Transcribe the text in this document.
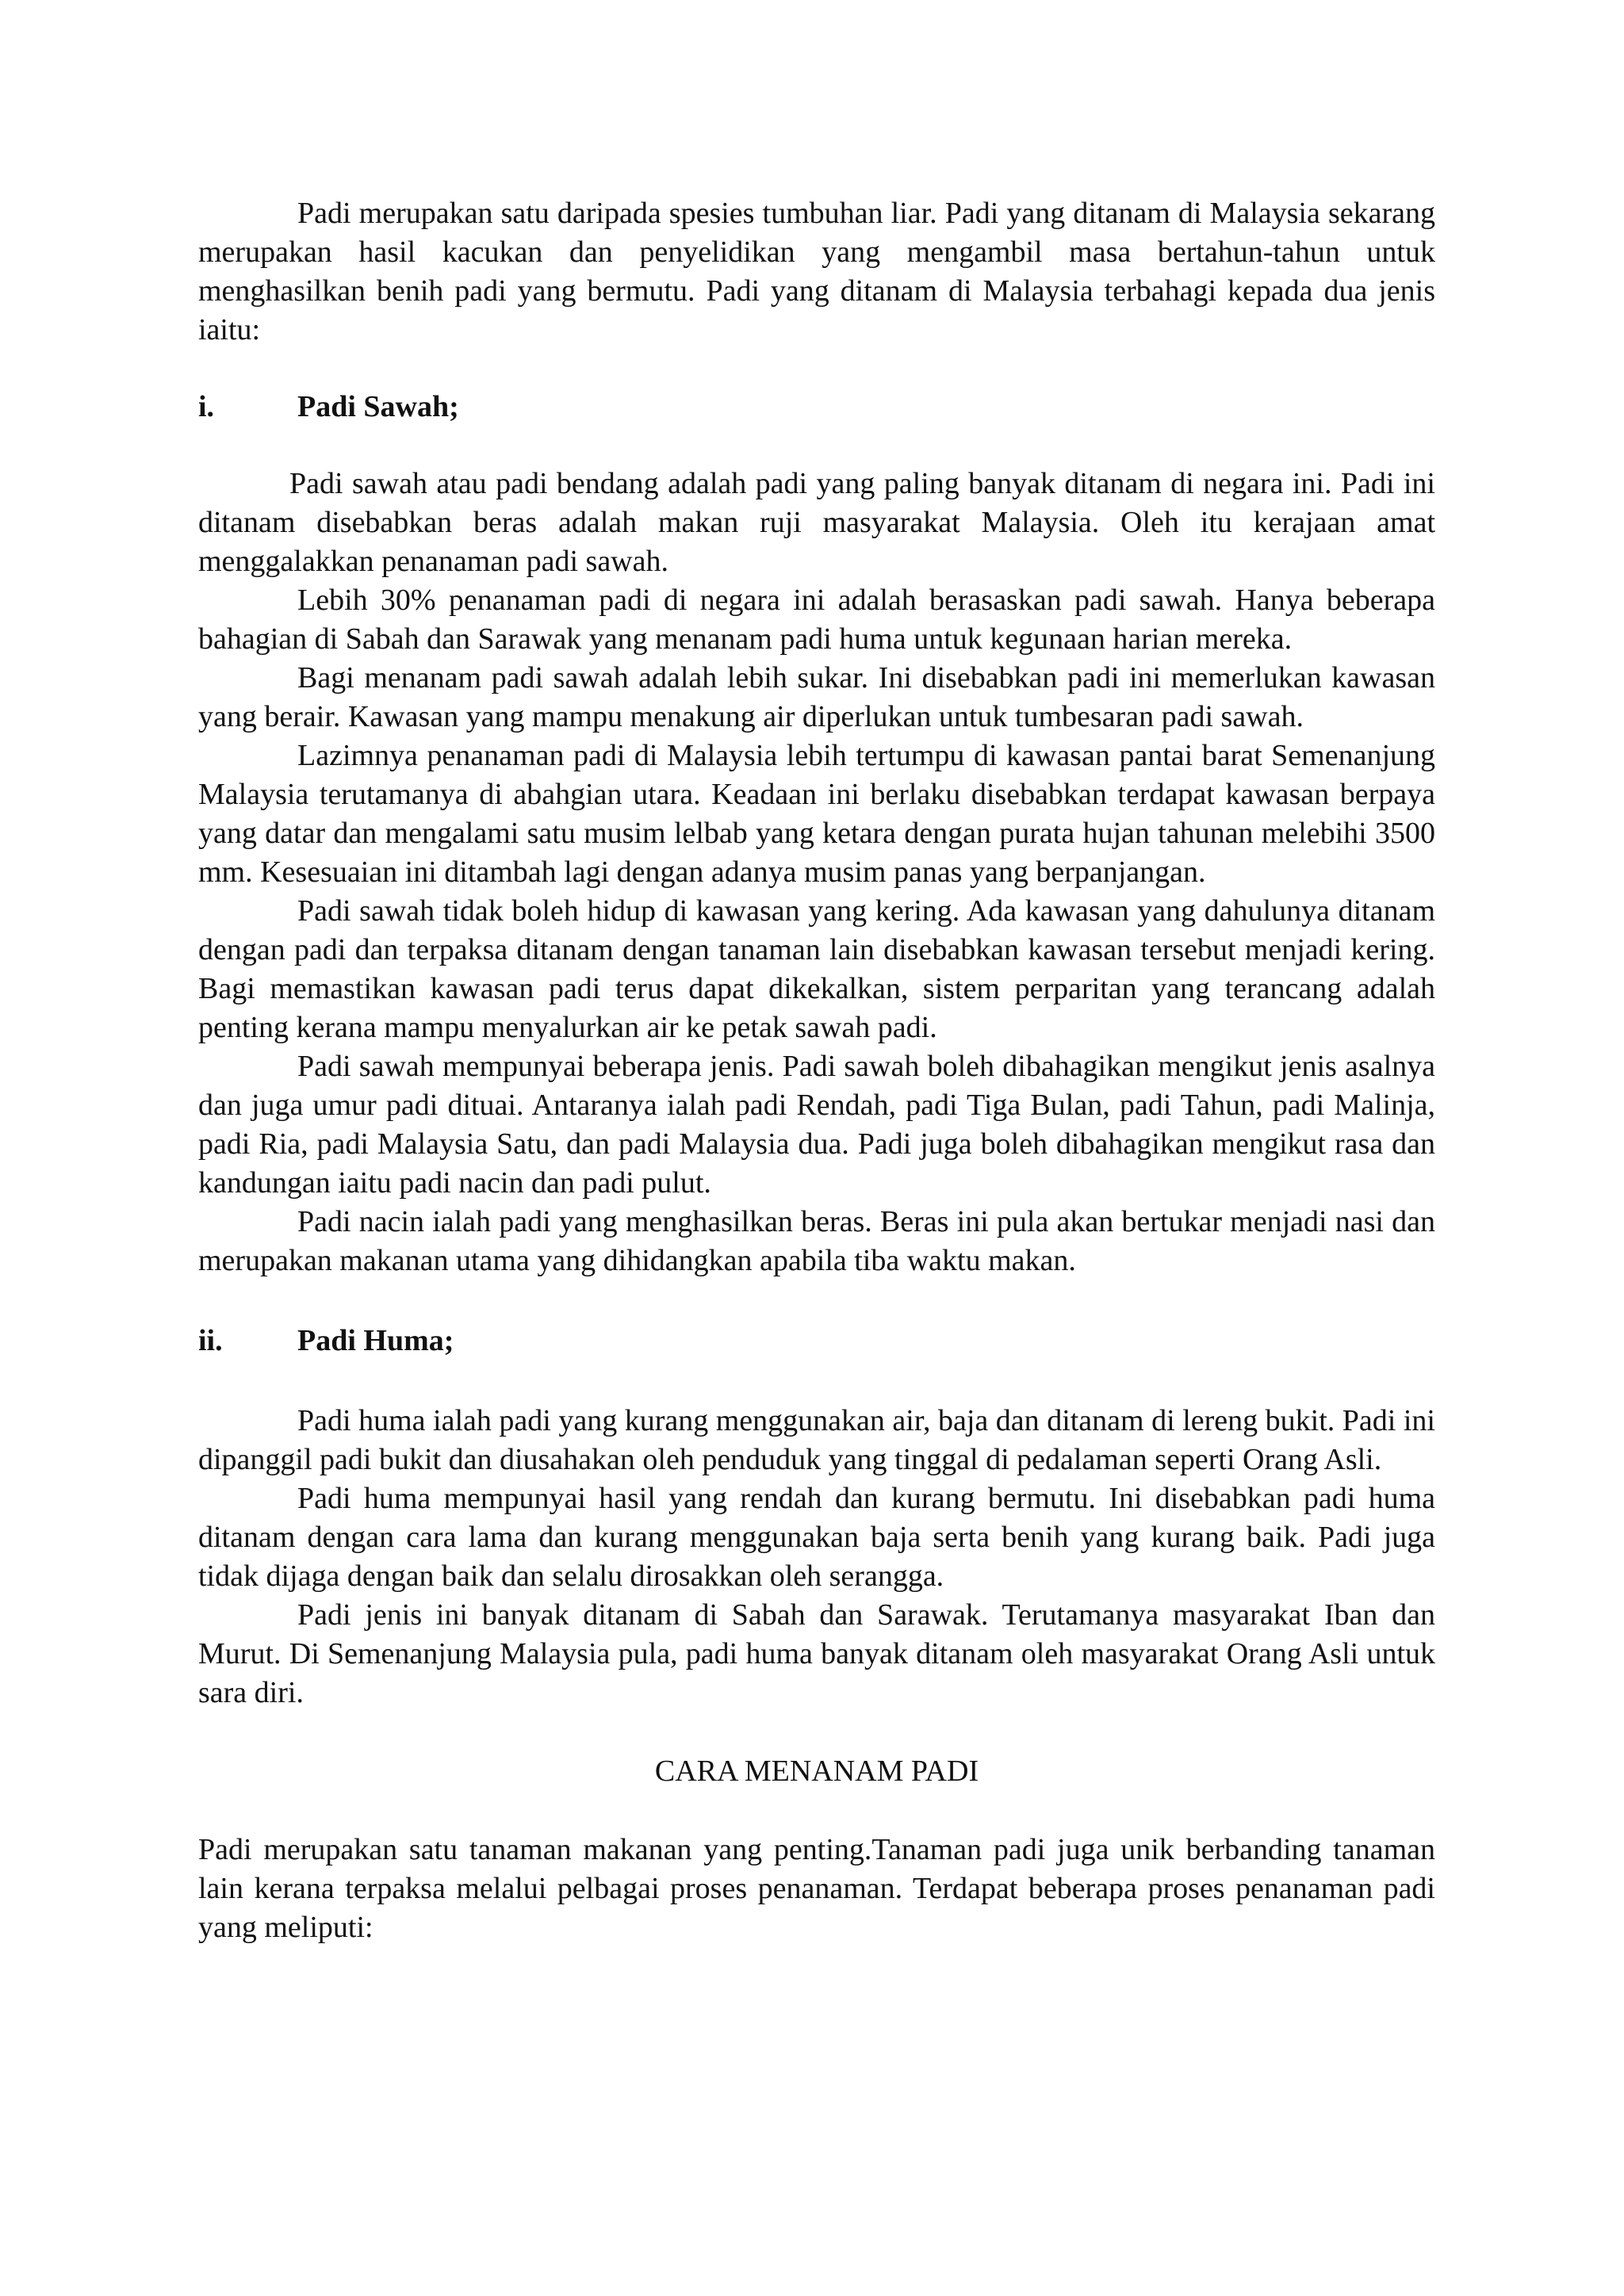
Padi merupakan satu daripada spesies tumbuhan liar. Padi yang ditanam di Malaysia sekarang merupakan hasil kacukan dan penyelidikan yang mengambil masa bertahun-tahun untuk menghasilkan benih padi yang bermutu. Padi yang ditanam di Malaysia terbahagi kepada dua jenis iaitu:

i.	Padi Sawah;

Padi sawah atau padi bendang adalah padi yang paling banyak ditanam di negara ini. Padi ini ditanam disebabkan beras adalah makan ruji masyarakat Malaysia. Oleh itu kerajaan amat menggalakkan penanaman padi sawah.

Lebih 30% penanaman padi di negara ini adalah berasaskan padi sawah. Hanya beberapa bahagian di Sabah dan Sarawak yang menanam padi huma untuk kegunaan harian mereka.

Bagi menanam padi sawah adalah lebih sukar. Ini disebabkan padi ini memerlukan kawasan yang berair. Kawasan yang mampu menakung air diperlukan untuk tumbesaran padi sawah.

Lazimnya penanaman padi di Malaysia lebih tertumpu di kawasan pantai barat Semenanjung Malaysia terutamanya di abahgian utara. Keadaan ini berlaku disebabkan terdapat kawasan berpaya yang datar dan mengalami satu musim lelbab yang ketara dengan purata hujan tahunan melebihi 3500 mm. Kesesuaian ini ditambah lagi dengan adanya musim panas yang berpanjangan.

Padi sawah tidak boleh hidup di kawasan yang kering. Ada kawasan yang dahulunya ditanam dengan padi dan terpaksa ditanam dengan tanaman lain disebabkan kawasan tersebut menjadi kering. Bagi memastikan kawasan padi terus dapat dikekalkan, sistem perparitan yang terancang adalah penting kerana mampu menyalurkan air ke petak sawah padi.

Padi sawah mempunyai beberapa jenis. Padi sawah boleh dibahagikan mengikut jenis asalnya dan juga umur padi dituai. Antaranya ialah padi Rendah, padi Tiga Bulan, padi Tahun, padi Malinja, padi Ria, padi Malaysia Satu, dan padi Malaysia dua. Padi juga boleh dibahagikan mengikut rasa dan kandungan iaitu padi nacin dan padi pulut.

Padi nacin ialah padi yang menghasilkan beras. Beras ini pula akan bertukar menjadi nasi dan merupakan makanan utama yang dihidangkan apabila tiba waktu makan.

ii.	Padi Huma;

Padi huma ialah padi yang kurang menggunakan air, baja dan ditanam di lereng bukit. Padi ini dipanggil padi bukit dan diusahakan oleh penduduk yang tinggal di pedalaman seperti Orang Asli.

Padi huma mempunyai hasil yang rendah dan kurang bermutu. Ini disebabkan padi huma ditanam dengan cara lama dan kurang menggunakan baja serta benih yang kurang baik. Padi juga tidak dijaga dengan baik dan selalu dirosakkan oleh serangga.

Padi jenis ini banyak ditanam di Sabah dan Sarawak. Terutamanya masyarakat Iban dan Murut. Di Semenanjung Malaysia pula, padi huma banyak ditanam oleh masyarakat Orang Asli untuk sara diri.

CARA MENANAM PADI

Padi merupakan satu tanaman makanan yang penting.Tanaman padi juga unik berbanding tanaman lain kerana terpaksa melalui pelbagai proses penanaman. Terdapat beberapa proses penanaman padi yang meliputi:
